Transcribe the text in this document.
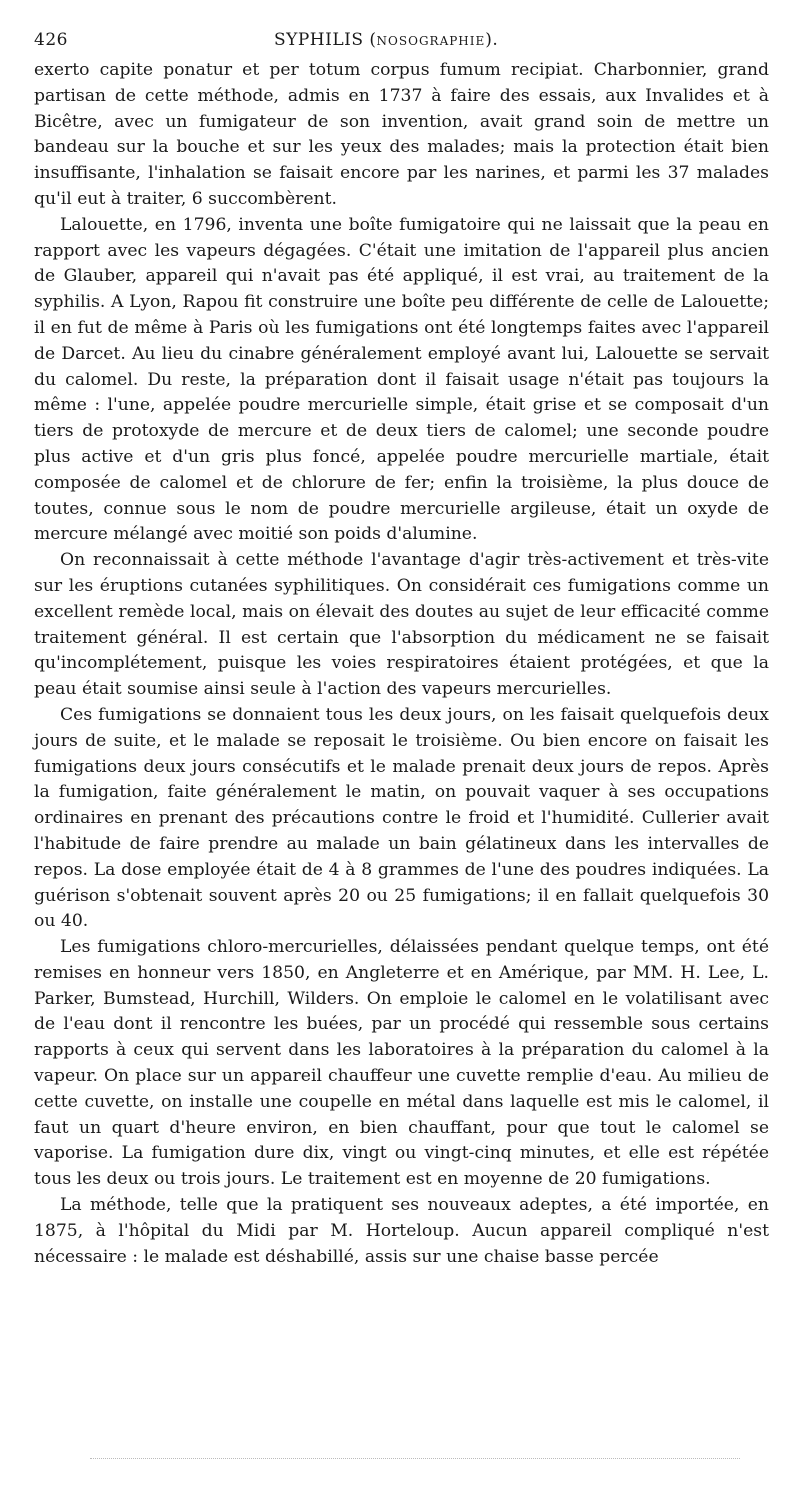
426	SYPHILIS (NOSOGRAPHIE).

exerto capite ponatur et per totum corpus fumum recipiat. Charbonnier, grand partisan de cette méthode, admis en 1737 à faire des essais, aux Invalides et à Bicêtre, avec un fumigateur de son invention, avait grand soin de mettre un bandeau sur la bouche et sur les yeux des malades; mais la protection était bien insuffisante, l'inhalation se faisait encore par les narines, et parmi les 37 malades qu'il eut à traiter, 6 succombèrent.

Lalouette, en 1796, inventa une boîte fumigatoire qui ne laissait que la peau en rapport avec les vapeurs dégagées. C'était une imitation de l'appareil plus ancien de Glauber, appareil qui n'avait pas été appliqué, il est vrai, au traitement de la syphilis. A Lyon, Rapou fit construire une boîte peu différente de celle de Lalouette; il en fut de même à Paris où les fumigations ont été longtemps faites avec l'appareil de Darcet. Au lieu du cinabre généralement employé avant lui, Lalouette se servait du calomel. Du reste, la préparation dont il faisait usage n'était pas toujours la même : l'une, appelée poudre mercurielle simple, était grise et se composait d'un tiers de protoxyde de mercure et de deux tiers de calomel; une seconde poudre plus active et d'un gris plus foncé, appelée poudre mercurielle martiale, était composée de calomel et de chlorure de fer; enfin la troisième, la plus douce de toutes, connue sous le nom de poudre mercurielle argileuse, était un oxyde de mercure mélangé avec moitié son poids d'alumine.

On reconnaissait à cette méthode l'avantage d'agir très-activement et très-vite sur les éruptions cutanées syphilitiques. On considérait ces fumigations comme un excellent remède local, mais on élevait des doutes au sujet de leur efficacité comme traitement général. Il est certain que l'absorption du médicament ne se faisait qu'incomplétement, puisque les voies respiratoires étaient protégées, et que la peau était soumise ainsi seule à l'action des vapeurs mercurielles.

Ces fumigations se donnaient tous les deux jours, on les faisait quelquefois deux jours de suite, et le malade se reposait le troisième. Ou bien encore on faisait les fumigations deux jours consécutifs et le malade prenait deux jours de repos. Après la fumigation, faite généralement le matin, on pouvait vaquer à ses occupations ordinaires en prenant des précautions contre le froid et l'humidité. Cullerier avait l'habitude de faire prendre au malade un bain gélatineux dans les intervalles de repos. La dose employée était de 4 à 8 grammes de l'une des poudres indiquées. La guérison s'obtenait souvent après 20 ou 25 fumigations; il en fallait quelquefois 30 ou 40.

Les fumigations chloro-mercurielles, délaissées pendant quelque temps, ont été remises en honneur vers 1850, en Angleterre et en Amérique, par MM. H. Lee, L. Parker, Bumstead, Hurchill, Wilders. On emploie le calomel en le volatilisant avec de l'eau dont il rencontre les buées, par un procédé qui ressemble sous certains rapports à ceux qui servent dans les laboratoires à la préparation du calomel à la vapeur. On place sur un appareil chauffeur une cuvette remplie d'eau. Au milieu de cette cuvette, on installe une coupelle en métal dans laquelle est mis le calomel, il faut un quart d'heure environ, en bien chauffant, pour que tout le calomel se vaporise. La fumigation dure dix, vingt ou vingt-cinq minutes, et elle est répétée tous les deux ou trois jours. Le traitement est en moyenne de 20 fumigations.

La méthode, telle que la pratiquent ses nouveaux adeptes, a été importée, en 1875, à l'hôpital du Midi par M. Horteloup. Aucun appareil compliqué n'est nécessaire : le malade est déshabillé, assis sur une chaise basse percée
